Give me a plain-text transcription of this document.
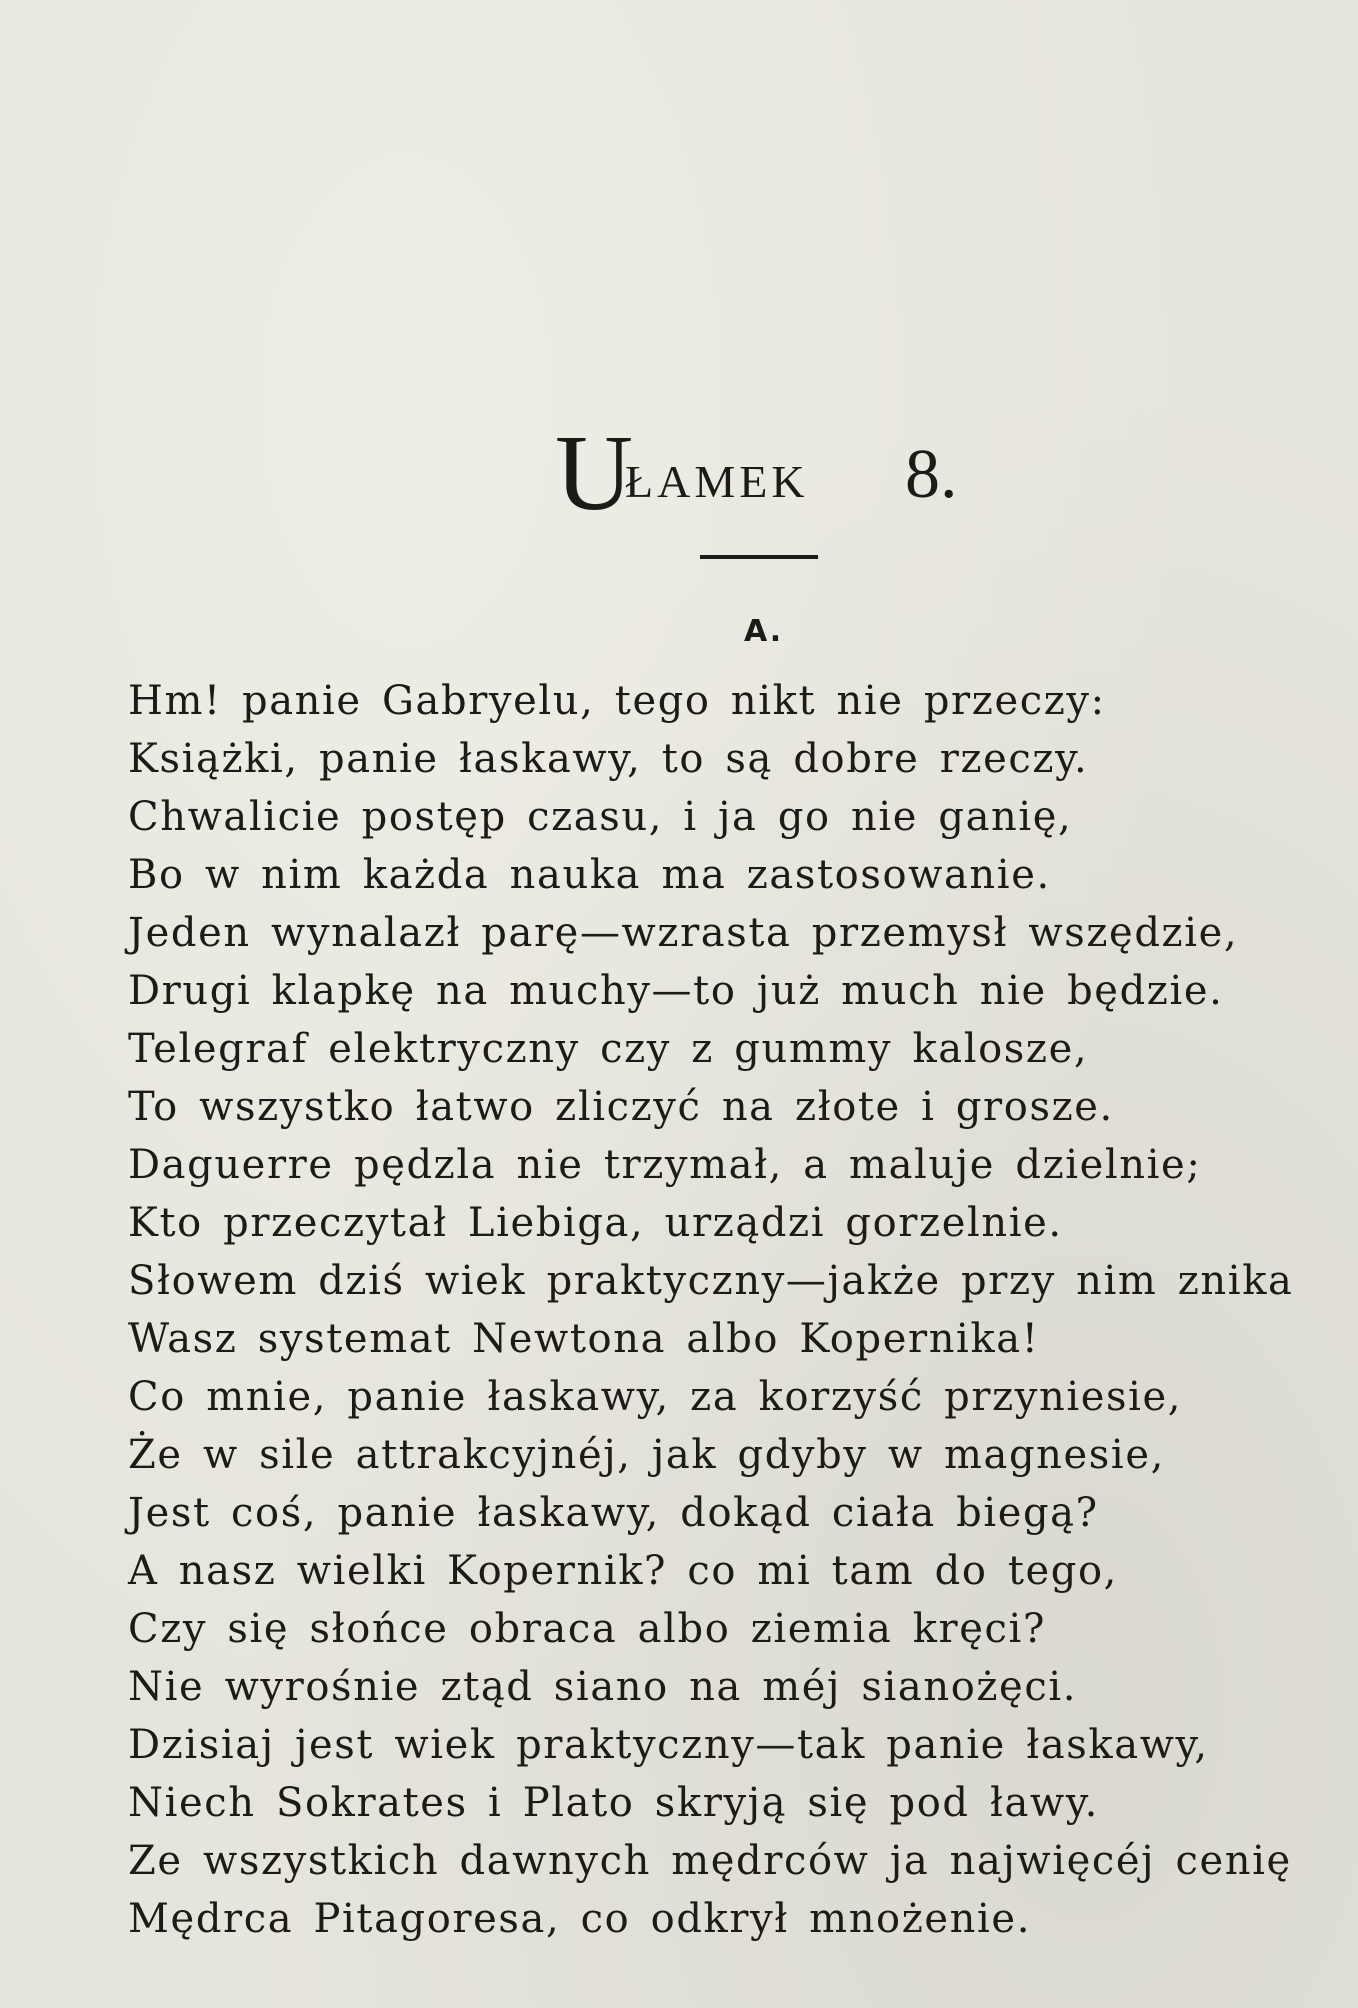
U
ŁAMEK 8.
A.
Hm! panie Gabryelu, tego nikt nie przeczy:
Książki, panie łaskawy, to są dobre rzeczy.
Chwalicie postęp czasu, i ja go nie ganię,
Bo w nim każda nauka ma zastosowanie.
Jeden wynalazł parę—wzrasta przemysł wszędzie,
Drugi klapkę na muchy—to już much nie będzie.
Telegraf elektryczny czy z gummy kalosze,
To wszystko łatwo zliczyć na złote i grosze.
Daguerre pędzla nie trzymał, a maluje dzielnie;
Kto przeczytał Liebiga, urządzi gorzelnie.
Słowem dziś wiek praktyczny—jakże przy nim znika
Wasz systemat Newtona albo Kopernika!
Co mnie, panie łaskawy, za korzyść przyniesie,
Że w sile attrakcyjnéj, jak gdyby w magnesie,
Jest coś, panie łaskawy, dokąd ciała biegą?
A nasz wielki Kopernik? co mi tam do tego,
Czy się słońce obraca albo ziemia kręci?
Nie wyrośnie ztąd siano na méj sianożęci.
Dzisiaj jest wiek praktyczny—tak panie łaskawy,
Niech Sokrates i Plato skryją się pod ławy.
Ze wszystkich dawnych mędrców ja najwięcéj cenię
Mędrca Pitagoresa, co odkrył mnożenie.
